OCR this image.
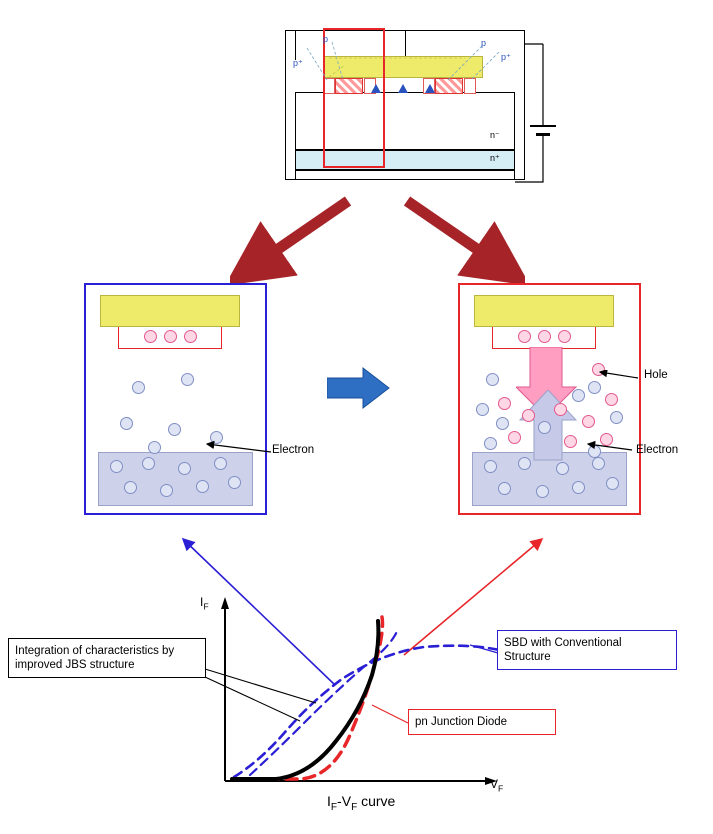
p⁺
p	p
p⁺
n⁻
n⁺
Electron
Hole
Electron
$I_F$
$V_F$
Integration of characteristics by improved JBS structure
SBD with Conventional Structure
pn Junction Diode
$I_F-V_F$ curve
